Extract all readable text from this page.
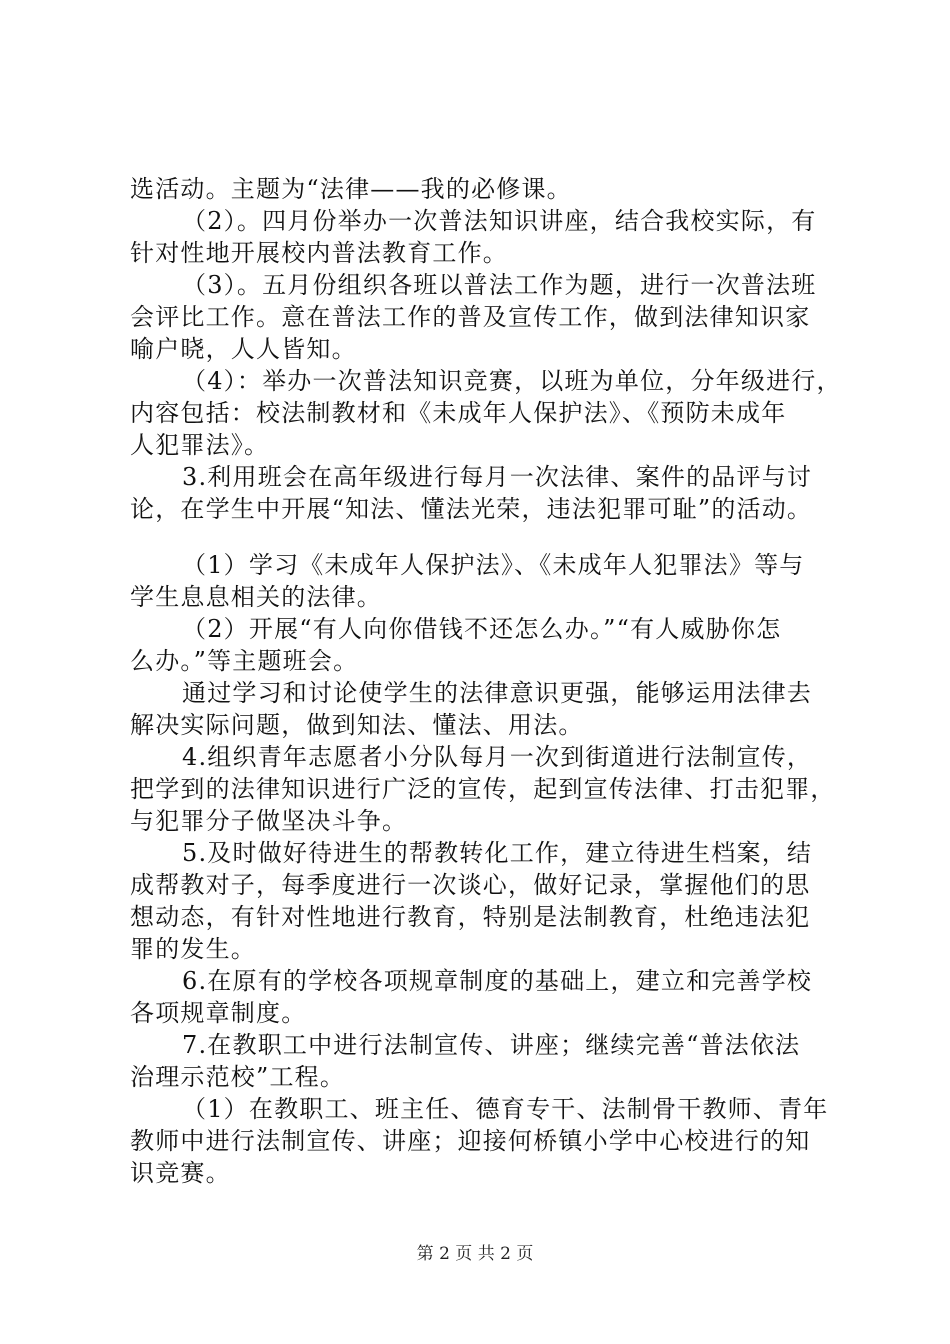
选活动。主题为“法律——我的必修课。
（2）。四月份举办一次普法知识讲座，结合我校实际，有
针对性地开展校内普法教育工作。
（3）。五月份组织各班以普法工作为题，进行一次普法班
会评比工作。意在普法工作的普及宣传工作，做到法律知识家
喻户晓，人人皆知。
（4）：举办一次普法知识竞赛，以班为单位，分年级进行，
内容包括：校法制教材和《未成年人保护法》、《预防未成年
人犯罪法》。
3.利用班会在高年级进行每月一次法律、案件的品评与讨
论，在学生中开展“知法、懂法光荣，违法犯罪可耻”的活动。
（1）学习《未成年人保护法》、《未成年人犯罪法》等与
学生息息相关的法律。
（2）开展“有人向你借钱不还怎么办。”“有人威胁你怎
么办。”等主题班会。
通过学习和讨论使学生的法律意识更强，能够运用法律去
解决实际问题，做到知法、懂法、用法。
4.组织青年志愿者小分队每月一次到街道进行法制宣传，
把学到的法律知识进行广泛的宣传，起到宣传法律、打击犯罪，
与犯罪分子做坚决斗争。
5.及时做好待进生的帮教转化工作，建立待进生档案，结
成帮教对子，每季度进行一次谈心，做好记录，掌握他们的思
想动态，有针对性地进行教育，特别是法制教育，杜绝违法犯
罪的发生。
6.在原有的学校各项规章制度的基础上，建立和完善学校
各项规章制度。
7.在教职工中进行法制宣传、讲座；继续完善“普法依法
治理示范校”工程。
（1）在教职工、班主任、德育专干、法制骨干教师、青年
教师中进行法制宣传、讲座；迎接何桥镇小学中心校进行的知
识竞赛。
第 2 页 共 2 页
